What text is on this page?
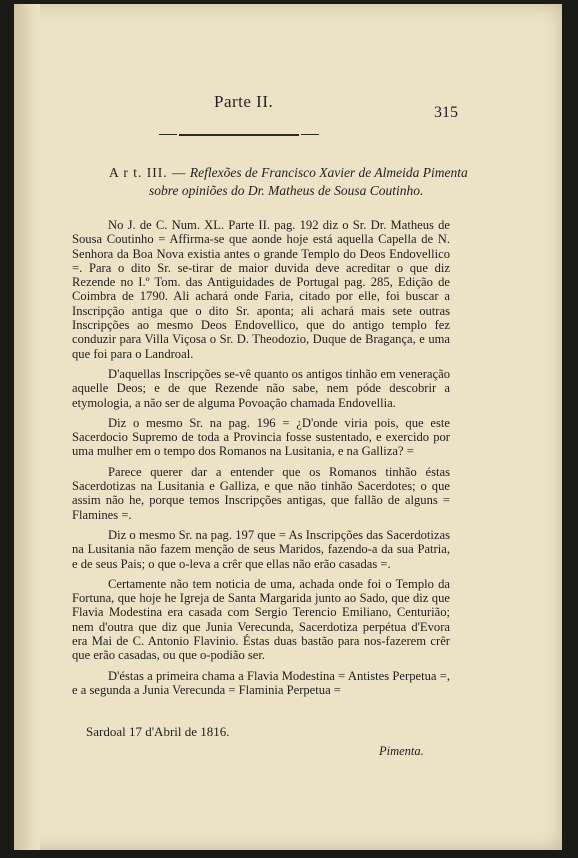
Parte II.
315
A r t. III. — Reflexões de Francisco Xavier de Almeida Pimenta
sobre opiniões do Dr. Matheus de Sousa Coutinho.

No J. de C. Num. XL. Parte II. pag. 192 diz o Sr. Dr. Matheus de Sousa Coutinho = Affirma-se que aonde hoje está aquella Capella de N. Senhora da Boa Nova existia antes o grande Templo do Deos Endovellico =. Para o dito Sr. se-tirar de maior duvida deve acreditar o que diz Rezende no I.º Tom. das Antiguidades de Portugal pag. 285, Edição de Coimbra de 1790. Ali achará onde Faria, citado por elle, foi buscar a Inscripção antiga que o dito Sr. aponta; ali achará mais sete outras Inscripções ao mesmo Deos Endovellico, que do antigo templo fez conduzir para Villa Viçosa o Sr. D. Theodozio, Duque de Bragança, e uma que foi para o Landroal.

D'aquellas Inscripções se-vê quanto os antigos tinhão em veneração aquelle Deos; e de que Rezende não sabe, nem póde descobrir a etymologia, a não ser de alguma Povoação chamada Endovellia.

Diz o mesmo Sr. na pag. 196 = ¿D'onde viria pois, que este Sacerdocio Supremo de toda a Provincia fosse sustentado, e exercido por uma mulher em o tempo dos Romanos na Lusitania, e na Galliza? =

Parece querer dar a entender que os Romanos tinhão éstas Sacerdotizas na Lusitania e Galliza, e que não tinhão Sacerdotes; o que assim não he, porque temos Inscripções antigas, que fallão de alguns = Flamines =.

Diz o mesmo Sr. na pag. 197 que = As Inscripções das Sacerdotizas na Lusitania não fazem menção de seus Maridos, fazendo-a da sua Patria, e de seus Pais; o que o-leva a crêr que ellas não erão casadas =.

Certamente não tem noticia de uma, achada onde foi o Templo da Fortuna, que hoje he Igreja de Santa Margarida junto ao Sado, que diz que Flavia Modestina era casada com Sergio Terencio Emiliano, Centurião; nem d'outra que diz que Junia Verecunda, Sacerdotiza perpétua d'Evora era Mai de C. Antonio Flavinio. Éstas duas bastão para nos-fazerem crêr que erão casadas, ou que o-podião ser.

D'éstas a primeira chama a Flavia Modestina = Antistes Perpetua =, e a segunda a Junia Verecunda = Flaminia Perpetua =

Sardoal 17 d'Abril de 1816.
Pimenta.
